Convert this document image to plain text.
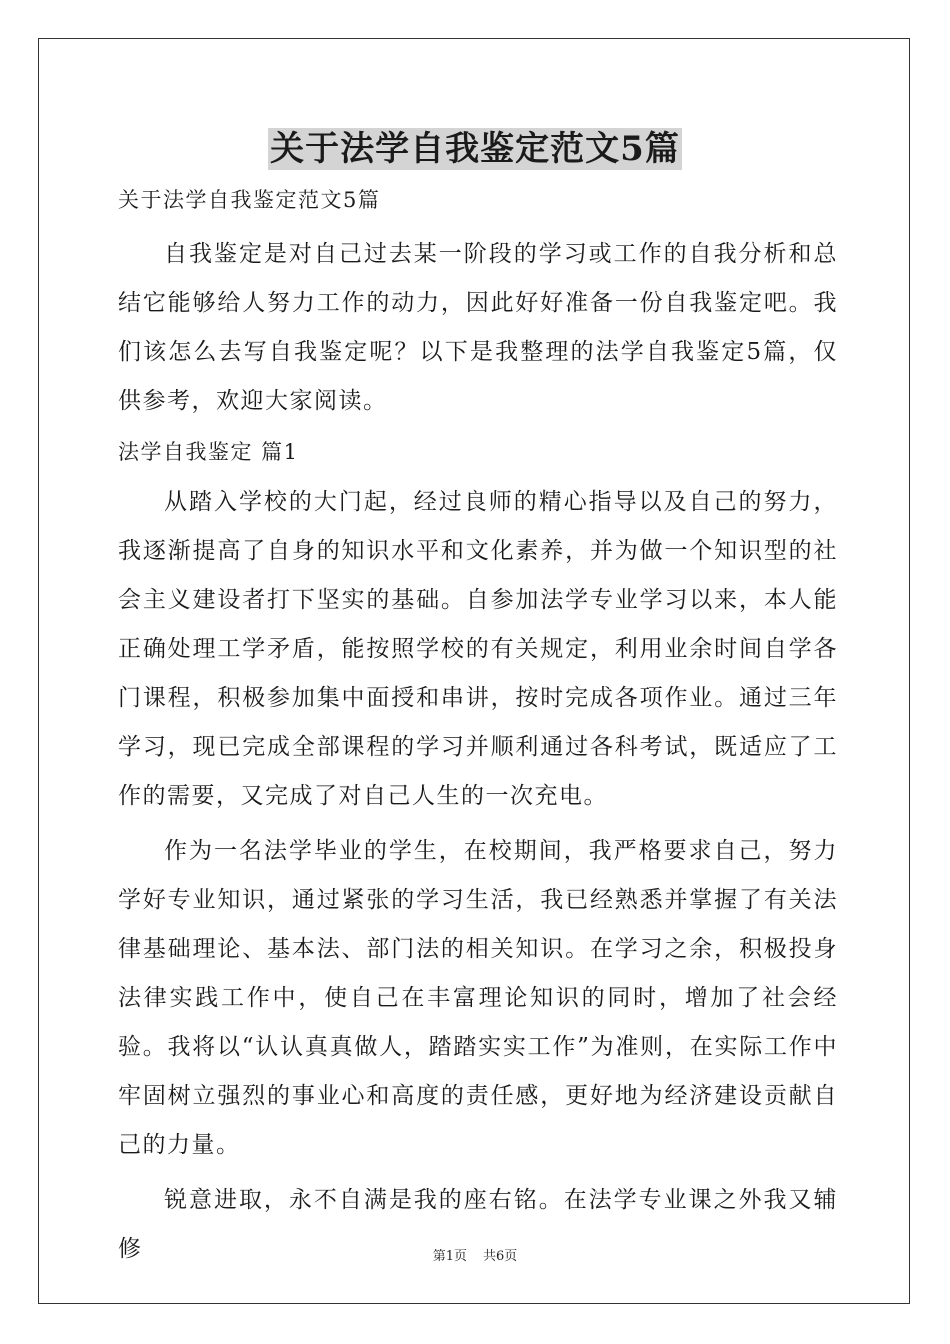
关于法学自我鉴定范文5篇

关于法学自我鉴定范文5篇

自我鉴定是对自己过去某一阶段的学习或工作的自我分析和总结它能够给人努力工作的动力，因此好好准备一份自我鉴定吧。我们该怎么去写自我鉴定呢？以下是我整理的法学自我鉴定5篇，仅供参考，欢迎大家阅读。

法学自我鉴定 篇1

从踏入学校的大门起，经过良师的精心指导以及自己的努力，我逐渐提高了自身的知识水平和文化素养，并为做一个知识型的社会主义建设者打下坚实的基础。自参加法学专业学习以来，本人能正确处理工学矛盾，能按照学校的有关规定，利用业余时间自学各门课程，积极参加集中面授和串讲，按时完成各项作业。通过三年学习，现已完成全部课程的学习并顺利通过各科考试，既适应了工作的需要，又完成了对自己人生的一次充电。

作为一名法学毕业的学生，在校期间，我严格要求自己，努力学好专业知识，通过紧张的学习生活，我已经熟悉并掌握了有关法律基础理论、基本法、部门法的相关知识。在学习之余，积极投身法律实践工作中，使自己在丰富理论知识的同时，增加了社会经验。我将以“认认真真做人，踏踏实实工作”为准则，在实际工作中牢固树立强烈的事业心和高度的责任感，更好地为经济建设贡献自己的力量。

锐意进取，永不自满是我的座右铭。在法学专业课之外我又辅修	第1页 共6页
